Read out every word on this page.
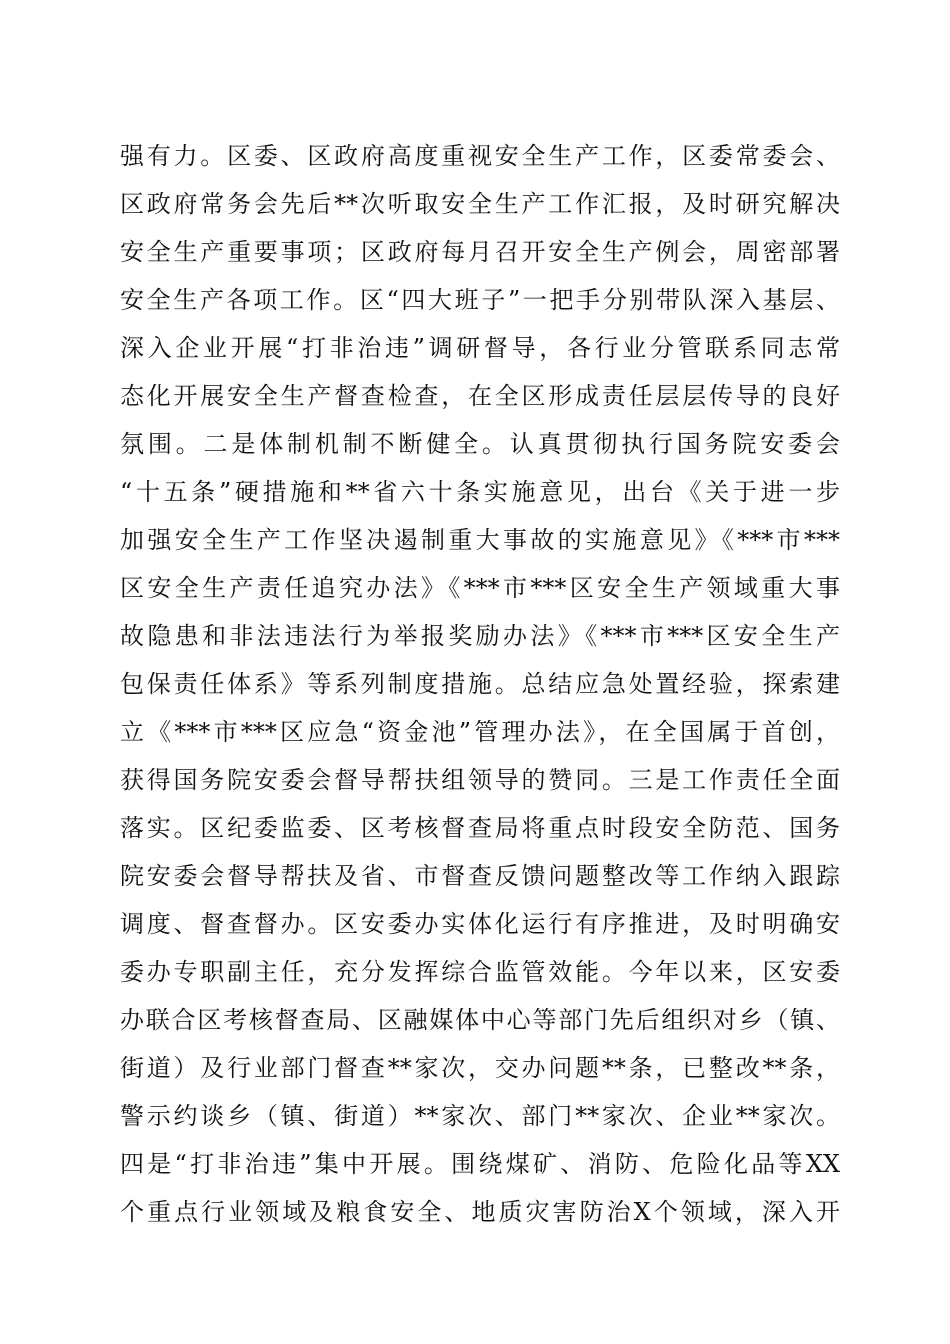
强有力。区委、区政府高度重视安全生产工作，区委常委会、
区政府常务会先后**次听取安全生产工作汇报，及时研究解决
安全生产重要事项；区政府每月召开安全生产例会，周密部署
安全生产各项工作。区“四大班子”一把手分别带队深入基层、
深入企业开展“打非治违”调研督导，各行业分管联系同志常
态化开展安全生产督查检查，在全区形成责任层层传导的良好
氛围。二是体制机制不断健全。认真贯彻执行国务院安委会
“十五条”硬措施和**省六十条实施意见，出台《关于进一步
加强安全生产工作坚决遏制重大事故的实施意见》《***市***
区安全生产责任追究办法》《***市***区安全生产领域重大事
故隐患和非法违法行为举报奖励办法》《***市***区安全生产
包保责任体系》等系列制度措施。总结应急处置经验，探索建
立《***市***区应急“资金池”管理办法》，在全国属于首创，
获得国务院安委会督导帮扶组领导的赞同。三是工作责任全面
落实。区纪委监委、区考核督查局将重点时段安全防范、国务
院安委会督导帮扶及省、市督查反馈问题整改等工作纳入跟踪
调度、督查督办。区安委办实体化运行有序推进，及时明确安
委办专职副主任，充分发挥综合监管效能。今年以来，区安委
办联合区考核督查局、区融媒体中心等部门先后组织对乡（镇、
街道）及行业部门督查**家次，交办问题**条，已整改**条，
警示约谈乡（镇、街道）**家次、部门**家次、企业**家次。
四是“打非治违”集中开展。围绕煤矿、消防、危险化品等XX
个重点行业领域及粮食安全、地质灾害防治X个领域，深入开
